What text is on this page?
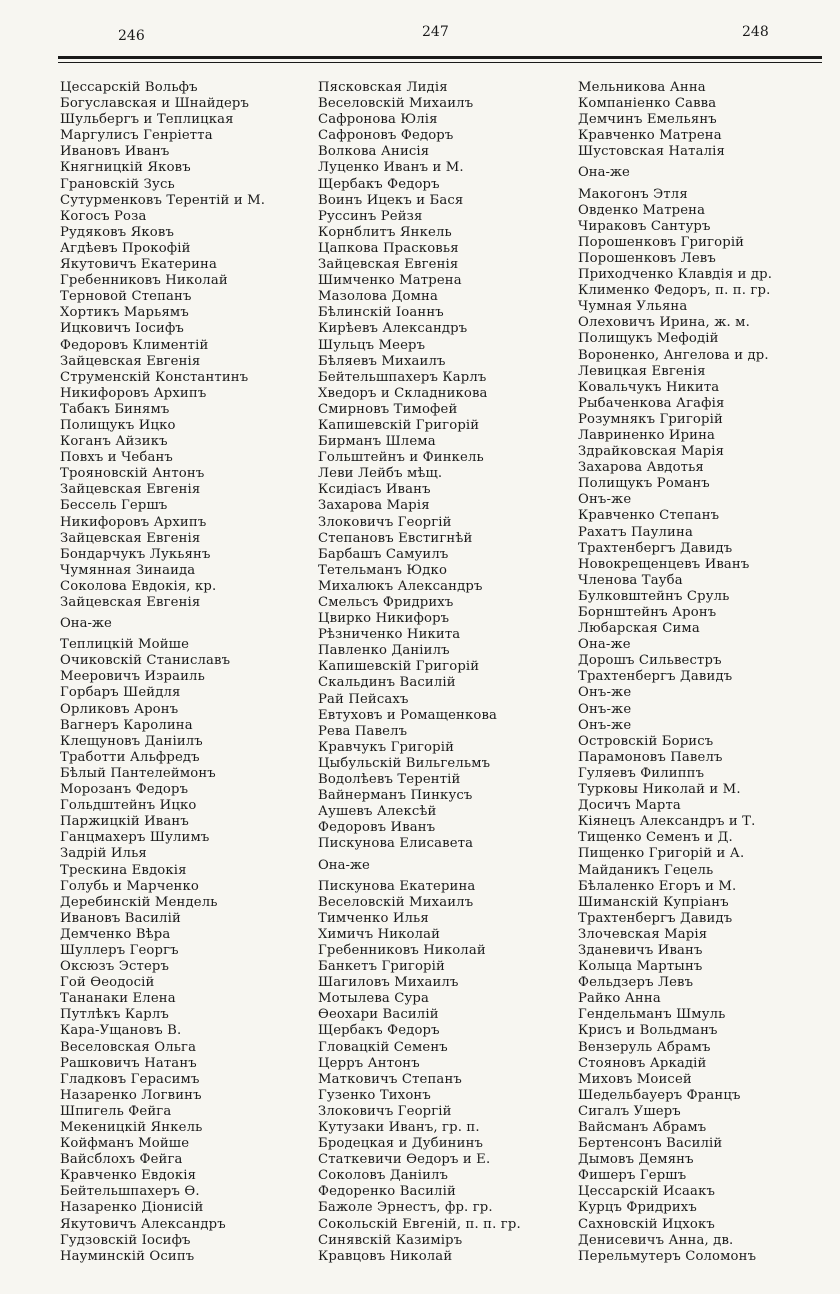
246	247	248
Цессарскій Вольфъ
Богуславская и Шнайдеръ
Шульбергъ и Теплицкая
Маргулисъ Генріетта
Ивановъ Иванъ
Княгницкій Яковъ
Грановскій Зусь
Сутурменковъ Терентій и М.
Когосъ Роза
Рудяковъ Яковъ
Агдѣевъ Прокофій
Якутовичъ Екатерина
Гребенниковъ Николай
Терновой Степанъ
Хортикъ Марьямъ
Ицковичъ Іосифъ
Федоровъ Климентій
Зайцевская Евгенія
Струменскій Константинъ
Никифоровъ Архипъ
Табакъ Бинямъ
Полищукъ Ицко
Коганъ Айзикъ
Повхъ и Чебанъ
Трояновскій Антонъ
Зайцевская Евгенія
Бессель Гершъ
Никифоровъ Архипъ
Зайцевская Евгенія
Бондарчукъ Лукьянъ
Чумянная Зинаида
Соколова Евдокія, кр.
Зайцевская Евгенія
Она-же
Теплицкій Мойше
Очиковскій Станиславъ
Мееровичъ Израиль
Горбаръ Шейдля
Орликовъ Аронъ
Вагнеръ Каролина
Клещуновъ Даніилъ
Тработти Альфредъ
Бѣлый Пантелеймонъ
Морозанъ Федоръ
Гольдштейнъ Ицко
Паржицкій Иванъ
Ганцмахеръ Шулимъ
Задрій Илья
Трескина Евдокія
Голубь и Марченко
Деребинскій Мендель
Ивановъ Василій
Демченко Вѣра
Шуллеръ Георгъ
Оксюзъ Эстеръ
Гой Ѳеодосій
Тананаки Елена
Путлѣкъ Карлъ
Кара-Ущановъ В.
Веселовская Ольга
Рашковичъ Натанъ
Гладковъ Герасимъ
Назаренко Логвинъ
Шпигель Фейга
Мекеницкій Янкель
Койфманъ Мойше
Вайсблохъ Фейга
Кравченко Евдокія
Бейтельшпахеръ Ѳ.
Назаренко Діонисій
Якутовичъ Александръ
Гудзовскій Іосифъ
Науминскій Осипъ
Пясковская Лидія
Веселовскій Михаилъ
Сафронова Юлія
Сафроновъ Федоръ
Волкова Анисія
Луценко Иванъ и М.
Щербакъ Федоръ
Воинъ Ицекъ и Бася
Руссинъ Рейзя
Корнблитъ Янкель
Цапкова Прасковья
Зайцевская Евгенія
Шимченко Матрена
Мазолова Домна
Бѣлинскій Іоаннъ
Кирѣевъ Александръ
Шульцъ Мееръ
Бѣляевъ Михаилъ
Бейтельшпахеръ Карлъ
Хведоръ и Складникова
Смирновъ Тимофей
Капишевскій Григорій
Бирманъ Шлема
Гольштейнъ и Финкель
Леви Лейбъ мѣщ.
Ксидіасъ Иванъ
Захарова Марія
Злоковичъ Георгій
Степановъ Евстигнѣй
Барбашъ Самуилъ
Тетельманъ Юдко
Михалюкъ Александръ
Смельсъ Фридрихъ
Цвирко Никифоръ
Рѣзниченко Никита
Павленко Даніилъ
Капишевскій Григорій
Скальдинъ Василій
Рай Пейсахъ
Евтуховъ и Ромащенкова
Рева Павелъ
Кравчукъ Григорій
Цыбульскій Вильгельмъ
Водолѣевъ Терентій
Вайнерманъ Пинкусъ
Аушевъ Алексѣй
Федоровъ Иванъ
Пискунова Елисавета
Она-же
Пискунова Екатерина
Веселовскій Михаилъ
Тимченко Илья
Химичъ Николай
Гребенниковъ Николай
Банкетъ Григорій
Шагиловъ Михаилъ
Мотылева Сура
Ѳеохари Василій
Щербакъ Федоръ
Гловацкій Семенъ
Церръ Антонъ
Матковичъ Степанъ
Гузенко Тихонъ
Злоковичъ Георгій
Кутузаки Иванъ, гр. п.
Бродецкая и Дубининъ
Статкевичи Ѳедоръ и Е.
Соколовъ Даніилъ
Федоренко Василій
Бажоле Эрнестъ, фр. гр.
Сокольскій Евгеній, п. п. гр.
Синявскій Казиміръ
Кравцовъ Николай
Мельникова Анна
Компаніенко Савва
Демчинъ Емельянъ
Кравченко Матрена
Шустовская Наталія
Она-же
Макогонъ Этля
Овденко Матрена
Чираковъ Сантуръ
Порошенковъ Григорій
Порошенковъ Левъ
Приходченко Клавдія и др.
Клименко Федоръ, п. п. гр.
Чумная Ульяна
Олеховичъ Ирина, ж. м.
Полищукъ Мефодій
Вороненко, Ангелова и др.
Левицкая Евгенія
Ковальчукъ Никита
Рыбаченкова Агафія
Розумнякъ Григорій
Лавриненко Ирина
Здрайковская Марія
Захарова Авдотья
Полищукъ Романъ
Онъ-же
Кравченко Степанъ
Рахатъ Паулина
Трахтенбергъ Давидъ
Новокрещенцевъ Иванъ
Членова Тауба
Булковштейнъ Сруль
Борнштейнъ Аронъ
Любарская Сима
Она-же
Дорошъ Сильвестръ
Трахтенбергъ Давидъ
Онъ-же
Онъ-же
Онъ-же
Островскій Борисъ
Парамоновъ Павелъ
Гуляевъ Филиппъ
Турковы Николай и М.
Досичъ Марта
Кіянецъ Александръ и Т.
Тищенко Семенъ и Д.
Пищенко Григорій и А.
Майданикъ Гецель
Бѣлаленко Егоръ и М.
Шиманскій Купріанъ
Трахтенбергъ Давидъ
Злочевская Марія
Зданевичъ Иванъ
Колыца Мартынъ
Фельдзеръ Левъ
Райко Анна
Гендельманъ Шмуль
Крисъ и Вольдманъ
Вензеруль Абрамъ
Стояновъ Аркадій
Миховъ Моисей
Шедельбауеръ Францъ
Сигалъ Ушеръ
Вайсманъ Абрамъ
Бертенсонъ Василій
Дымовъ Демянъ
Фишеръ Гершъ
Цессарскій Исаакъ
Курцъ Фридрихъ
Сахновскій Ицхокъ
Денисевичъ Анна, дв.
Перельмутеръ Соломонъ
